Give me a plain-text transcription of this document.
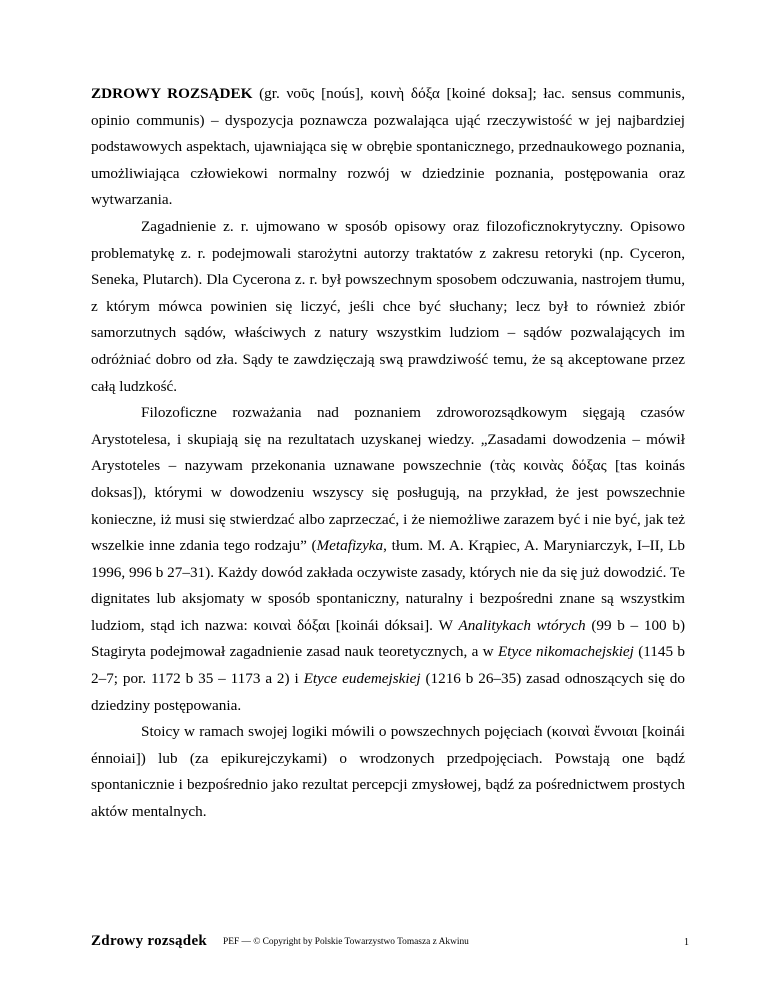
ZDROWY ROZSĄDEK (gr. νοῦς [noús], κοινὴ δόξα [koiné doksa]; łac. sensus communis, opinio communis) – dyspozycja poznawcza pozwalająca ująć rzeczywistość w jej najbardziej podstawowych aspektach, ujawniająca się w obrębie spontanicznego, przednaukowego poznania, umożliwiająca człowiekowi normalny rozwój w dziedzinie poznania, postępowania oraz wytwarzania.

Zagadnienie z. r. ujmowano w sposób opisowy oraz filozoficznokrytyczny. Opisowo problematykę z. r. podejmowali starożytni autorzy traktatów z zakresu retoryki (np. Cyceron, Seneka, Plutarch). Dla Cycerona z. r. był powszechnym sposobem odczuwania, nastrojem tłumu, z którym mówca powinien się liczyć, jeśli chce być słuchany; lecz był to również zbiór samorzutnych sądów, właściwych z natury wszystkim ludziom – sądów pozwalających im odróżniać dobro od zła. Sądy te zawdzięczają swą prawdziwość temu, że są akceptowane przez całą ludzkość.

Filozoficzne rozważania nad poznaniem zdroworozsądkowym sięgają czasów Arystotelesa, i skupiają się na rezultatach uzyskanej wiedzy. „Zasadami dowodzenia – mówił Arystoteles – nazywam przekonania uznawane powszechnie (τὰς κοινὰς δόξας [tas koinás doksas]), którymi w dowodzeniu wszyscy się posługują, na przykład, że jest powszechnie konieczne, iż musi się stwierdzać albo zaprzeczać, i że niemożliwe zarazem być i nie być, jak też wszelkie inne zdania tego rodzaju” (Metafizyka, tłum. M. A. Krąpiec, A. Maryniarczyk, I–II, Lb 1996, 996 b 27–31). Każdy dowód zakłada oczywiste zasady, których nie da się już dowodzić. Te dignitates lub aksjomaty w sposób spontaniczny, naturalny i bezpośredni znane są wszystkim ludziom, stąd ich nazwa: κοιναὶ δόξαι [koinái dóksai]. W Analitykach wtórych (99 b – 100 b) Stagiryta podejmował zagadnienie zasad nauk teoretycznych, a w Etyce nikomachejskiej (1145 b 2–7; por. 1172 b 35 – 1173 a 2) i Etyce eudemejskiej (1216 b 26–35) zasad odnoszących się do dziedziny postępowania.

Stoicy w ramach swojej logiki mówili o powszechnych pojęciach (κοιναὶ ἔννοιαι [koinái énnoiai]) lub (za epikurejczykami) o wrodzonych przedpojęciach. Powstają one bądź spontanicznie i bezpośrednio jako rezultat percepcji zmysłowej, bądź za pośrednictwem prostych aktów mentalnych.

Zdrowy rozsądek PEF — © Copyright by Polskie Towarzystwo Tomasza z Akwinu	1
